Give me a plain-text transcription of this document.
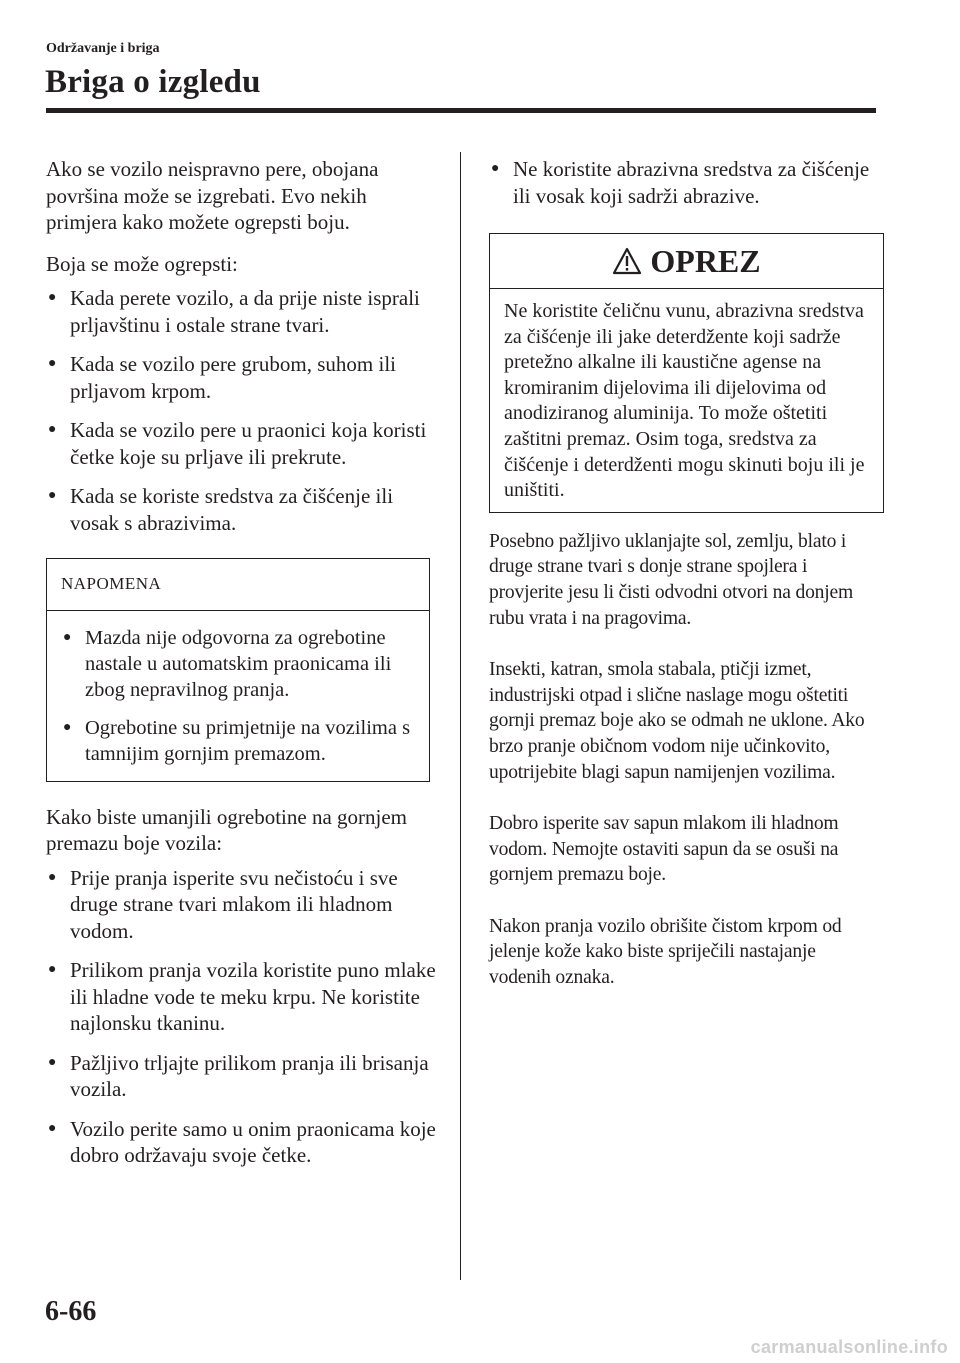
Održavanje i briga
Briga o izgledu

Ako se vozilo neispravno pere, obojana površina može se izgrebati. Evo nekih primjera kako možete ogrepsti boju.

Boja se može ogrepsti:

● Kada perete vozilo, a da prije niste isprali prljavštinu i ostale strane tvari.
● Kada se vozilo pere grubom, suhom ili prljavom krpom.
● Kada se vozilo pere u praonici koja koristi četke koje su prljave ili prekrute.
● Kada se koriste sredstva za čišćenje ili vosak s abrazivima.
NAPOMENA
● Mazda nije odgovorna za ogrebotine nastale u automatskim praonicama ili zbog nepravilnog pranja.
● Ogrebotine su primjetnije na vozilima s tamnijim gornjim premazom.

Kako biste umanjili ogrebotine na gornjem premazu boje vozila:

● Prije pranja isperite svu nečistoću i sve druge strane tvari mlakom ili hladnom vodom.
● Prilikom pranja vozila koristite puno mlake ili hladne vode te meku krpu. Ne koristite najlonsku tkaninu.
● Pažljivo trljajte prilikom pranja ili brisanja vozila.
● Vozilo perite samo u onim praonicama koje dobro održavaju svoje četke.
● Ne koristite abrazivna sredstva za čišćenje ili vosak koji sadrži abrazive.
OPREZ
Ne koristite čeličnu vunu, abrazivna sredstva za čišćenje ili jake deterdžente koji sadrže pretežno alkalne ili kaustične agense na kromiranim dijelovima ili dijelovima od anodiziranog aluminija. To može oštetiti zaštitni premaz. Osim toga, sredstva za čišćenje i deterdženti mogu skinuti boju ili je uništiti.

Posebno pažljivo uklanjajte sol, zemlju, blato i druge strane tvari s donje strane spojlera i provjerite jesu li čisti odvodni otvori na donjem rubu vrata i na pragovima.

Insekti, katran, smola stabala, ptičji izmet, industrijski otpad i slične naslage mogu oštetiti gornji premaz boje ako se odmah ne uklone. Ako brzo pranje običnom vodom nije učinkovito, upotrijebite blagi sapun namijenjen vozilima.

Dobro isperite sav sapun mlakom ili hladnom vodom. Nemojte ostaviti sapun da se osuši na gornjem premazu boje.

Nakon pranja vozilo obrišite čistom krpom od jelenje kože kako biste spriječili nastajanje vodenih oznaka.

6-66
carmanualsonline.info
